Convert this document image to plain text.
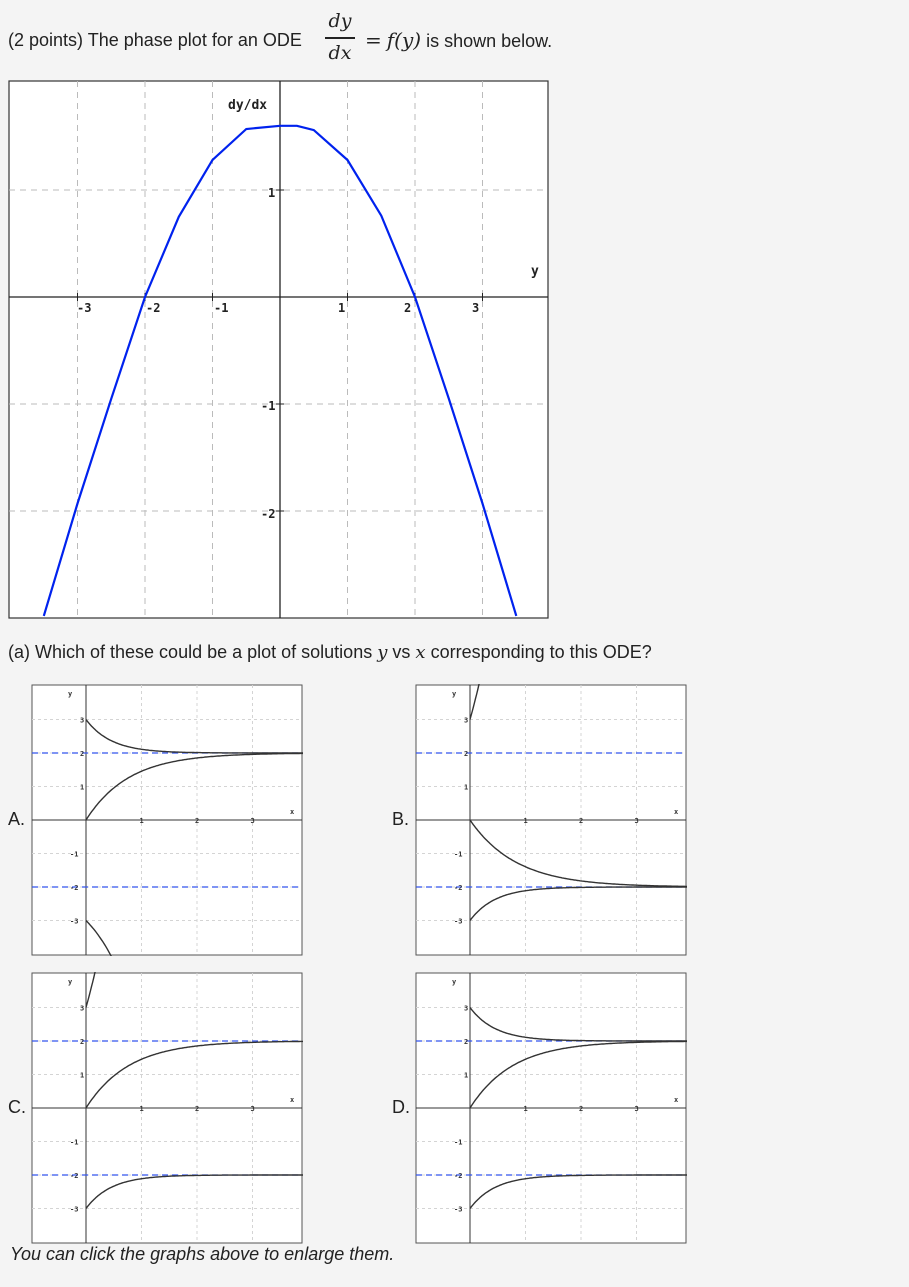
(2 points) The phase plot for an ODE
dy
dx
= f(y) is shown below.
dy/dx
y
-3	-2	-1	1	2	3
1
-1
-2
(a) Which of these could be a plot of solutions y vs x corresponding to this ODE?
A.	B.
C.	D.
1	2	3
x
y
3
2
1
-1
-2
-3
1	2	3
x
y
3
2
1
-1
-2
-3
1	2	3
x
y
3
2
1
-1
-2
-3
1	2	3
x
y
3
2
1
-1
-2
-3
You can click the graphs above to enlarge them.
